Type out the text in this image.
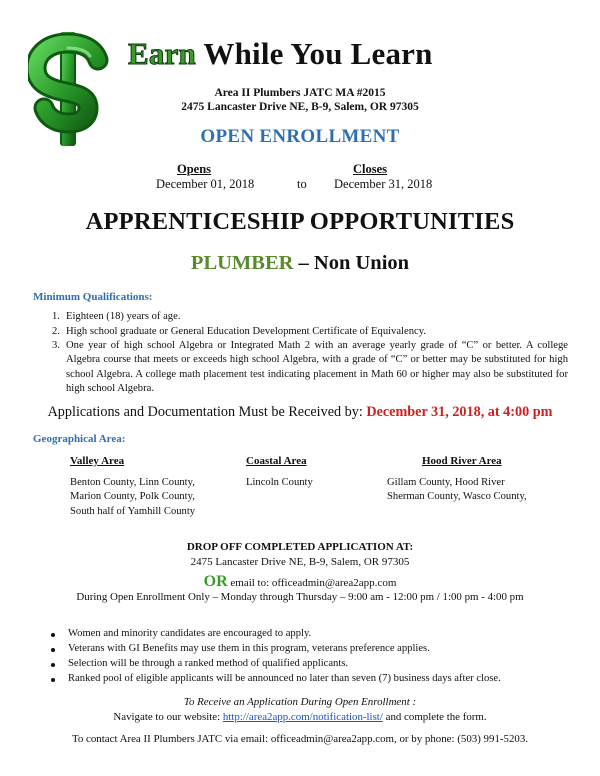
Earn While You Learn
Area II Plumbers JATC MA #2015
2475 Lancaster Drive NE, B-9, Salem, OR 97305
OPEN ENROLLMENT
Opens
December 01, 2018	to
Closes
December 31, 2018
APPRENTICESHIP OPPORTUNITIES
PLUMBER – Non Union
Minimum Qualifications:
1. Eighteen (18) years of age.
2. High school graduate or General Education Development Certificate of Equivalency.
3. One year of high school Algebra or Integrated Math 2 with an average yearly grade of “C” or better. A college Algebra course that meets or exceeds high school Algebra, with a grade of “C” or better may be substituted for high school Algebra. A college math placement test indicating placement in Math 60 or higher may also be substituted for high school Algebra.
Applications and Documentation Must be Received by: December 31, 2018, at 4:00 pm
Geographical Area:
Valley Area
Benton County, Linn County,
Marion County, Polk County,
South half of Yamhill County
Coastal Area
Lincoln County
Hood River Area
Gillam County, Hood River
Sherman County, Wasco County,
DROP OFF COMPLETED APPLICATION AT:
2475 Lancaster Drive NE, B-9, Salem, OR 97305
OR email to: officeadmin@area2app.com
During Open Enrollment Only – Monday through Thursday – 9:00 am - 12:00 pm / 1:00 pm - 4:00 pm
Women and minority candidates are encouraged to apply.
Veterans with GI Benefits may use them in this program, veterans preference applies.
Selection will be through a ranked method of qualified applicants.
Ranked pool of eligible applicants will be announced no later than seven (7) business days after close.
To Receive an Application During Open Enrollment :
Navigate to our website: http://area2app.com/notification-list/ and complete the form.
To contact Area II Plumbers JATC via email: officeadmin@area2app.com, or by phone: (503) 991-5203.
